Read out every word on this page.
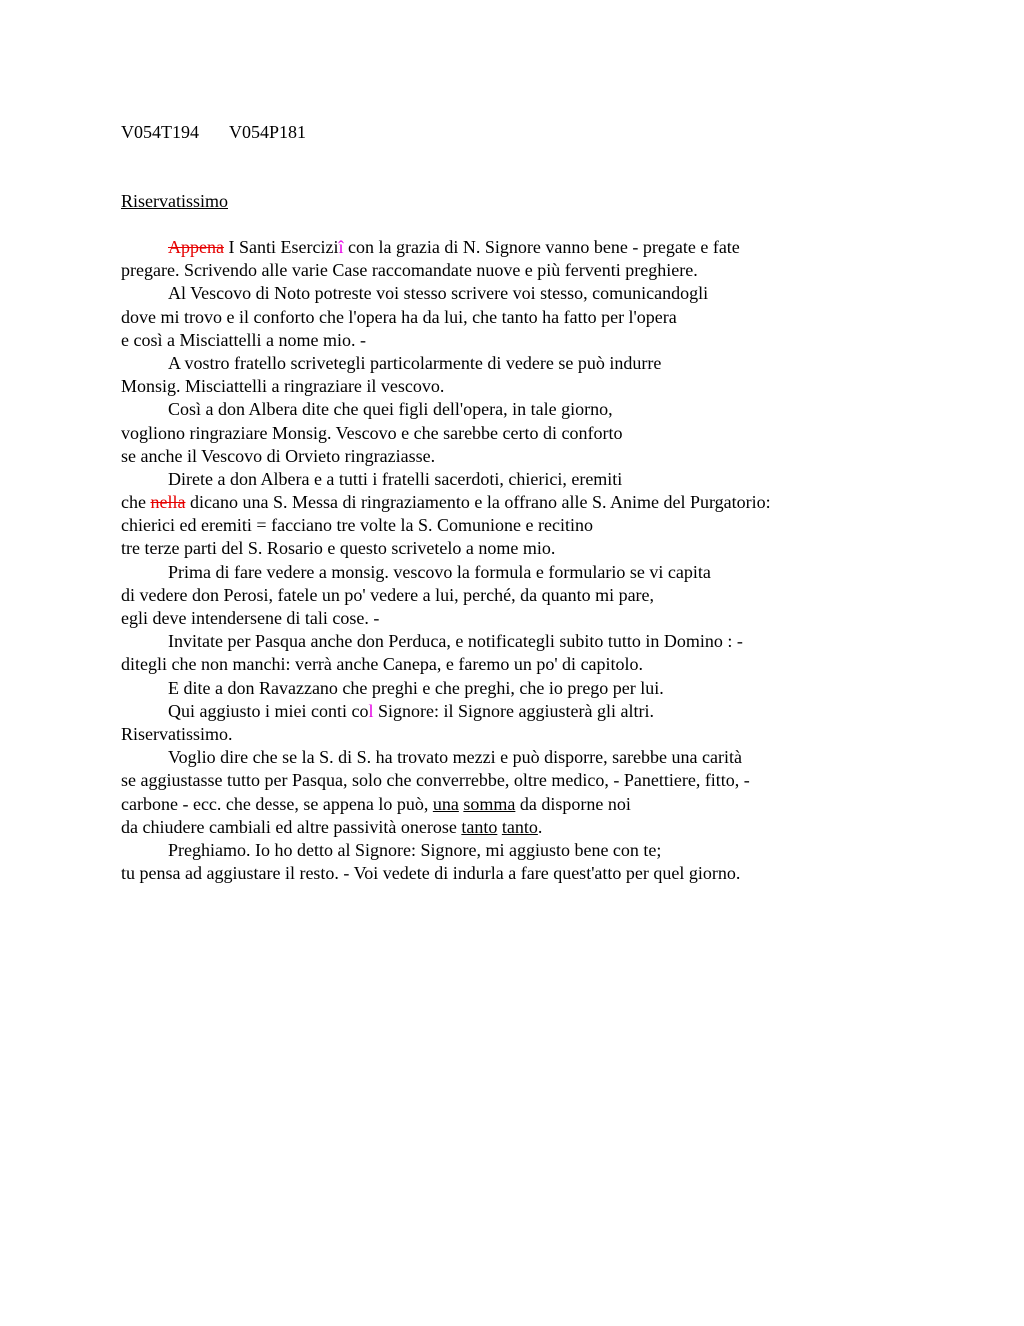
V054T194 V054P181
Riservatissimo
Appena I Santi Eserciziî con la grazia di N. Signore vanno bene - pregate e fate
pregare. Scrivendo alle varie Case raccomandate nuove e più ferventi preghiere.
Al Vescovo di Noto potreste voi stesso scrivere voi stesso, comunicandogli
dove mi trovo e il conforto che l'opera ha da lui, che tanto ha fatto per l'opera
e così a Misciattelli a nome mio. -
A vostro fratello scrivetegli particolarmente di vedere se può indurre
Monsig. Misciattelli a ringraziare il vescovo.
Così a don Albera dite che quei figli dell'opera, in tale giorno,
vogliono ringraziare Monsig. Vescovo e che sarebbe certo di conforto
se anche il Vescovo di Orvieto ringraziasse.
Direte a don Albera e a tutti i fratelli sacerdoti, chierici, eremiti
che nella dicano una S. Messa di ringraziamento e la offrano alle S. Anime del Purgatorio:
chierici ed eremiti = facciano tre volte la S. Comunione e recitino
tre terze parti del S. Rosario e questo scrivetelo a nome mio.
Prima di fare vedere a monsig. vescovo la formula e formulario se vi capita
di vedere don Perosi, fatele un po' vedere a lui, perché, da quanto mi pare,
egli deve intendersene di tali cose. -
Invitate per Pasqua anche don Perduca, e notificategli subito tutto in Domino : -
ditegli che non manchi: verrà anche Canepa, e faremo un po' di capitolo.
E dite a don Ravazzano che preghi e che preghi, che io prego per lui.
Qui aggiusto i miei conti col Signore: il Signore aggiusterà gli altri.
Riservatissimo.
Voglio dire che se la S. di S. ha trovato mezzi e può disporre, sarebbe una carità
se aggiustasse tutto per Pasqua, solo che converrebbe, oltre medico, - Panettiere, fitto, -
carbone - ecc. che desse, se appena lo può, una somma da disporne noi
da chiudere cambiali ed altre passività onerose tanto tanto.
Preghiamo. Io ho detto al Signore: Signore, mi aggiusto bene con te;
tu pensa ad aggiustare il resto. - Voi vedete di indurla a fare quest'atto per quel giorno.
